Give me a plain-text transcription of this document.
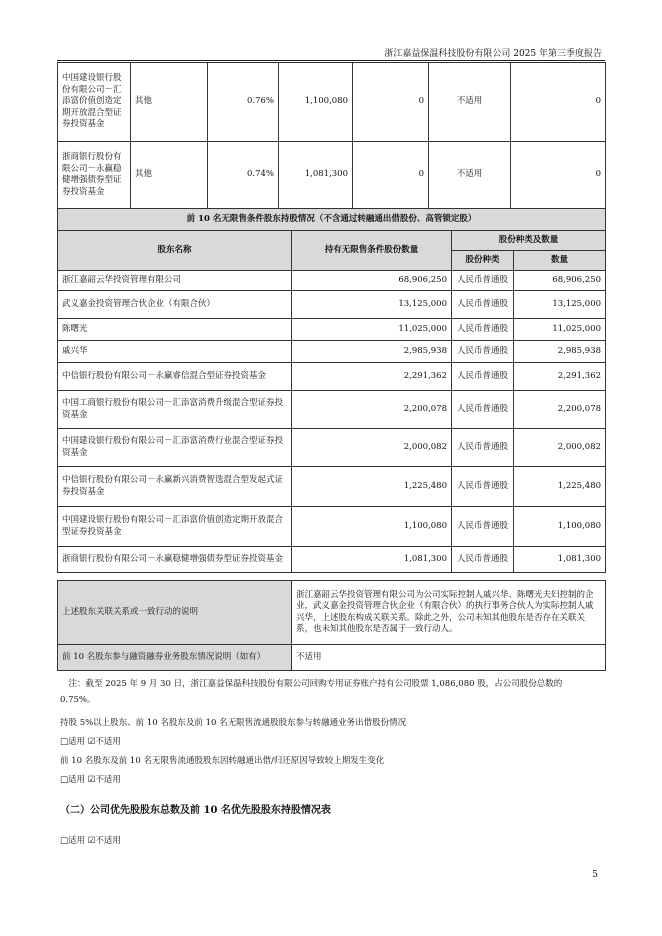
浙江嘉益保温科技股份有限公司 2025 年第三季度报告
中国建设银行股份有限公司－汇添富价值创造定期开放混合型证券投资基金	其他	0.76%	1,100,080	0	不适用	0
浙商银行股份有限公司－永赢稳健增强债券型证券投资基金	其他	0.74%	1,081,300	0	不适用	0
前 10 名无限售条件股东持股情况（不含通过转融通出借股份、高管锁定股）			
股东名称	持有无限售条件股份数量	股份种类及数量	
		股份种类	数量
浙江嘉韶云华投资管理有限公司	68,906,250	人民币普通股	68,906,250
武义嘉金投资管理合伙企业（有限合伙）	13,125,000	人民币普通股	13,125,000
陈曙光	11,025,000	人民币普通股	11,025,000
戚兴华	2,985,938	人民币普通股	2,985,938
中信银行股份有限公司－永赢睿信混合型证券投资基金	2,291,362	人民币普通股	2,291,362
中国工商银行股份有限公司－汇添富消费升级混合型证券投资基金	2,200,078	人民币普通股	2,200,078
中国建设银行股份有限公司－汇添富消费行业混合型证券投资基金	2,000,082	人民币普通股	2,000,082
中信银行股份有限公司－永赢新兴消费智选混合型发起式证券投资基金	1,225,480	人民币普通股	1,225,480
中国建设银行股份有限公司－汇添富价值创造定期开放混合型证券投资基金	1,100,080	人民币普通股	1,100,080
浙商银行股份有限公司－永赢稳健增强债券型证券投资基金	1,081,300	人民币普通股	1,081,300
上述股东关联关系或一致行动的说明	浙江嘉韶云华投资管理有限公司为公司实际控制人戚兴华、陈曙光夫妇控制的企业，武义嘉金投资管理合伙企业（有限合伙）的执行事务合伙人为实际控制人戚兴华，上述股东构成关联关系。除此之外，公司未知其他股东是否存在关联关系，也未知其他股东是否属于一致行动人。
前 10 名股东参与融资融券业务股东情况说明（如有）	不适用
注：截至 2025 年 9 月 30 日，浙江嘉益保温科技股份有限公司回购专用证券账户持有公司股票 1,086,080 股，占公司股份总数的 0.75%。
持股 5%以上股东、前 10 名股东及前 10 名无限售流通股股东参与转融通业务出借股份情况
□适用 ☑不适用
前 10 名股东及前 10 名无限售流通股股东因转融通出借/归还原因导致较上期发生变化
□适用 ☑不适用
（二）公司优先股股东总数及前 10 名优先股股东持股情况表
□适用 ☑不适用
5
